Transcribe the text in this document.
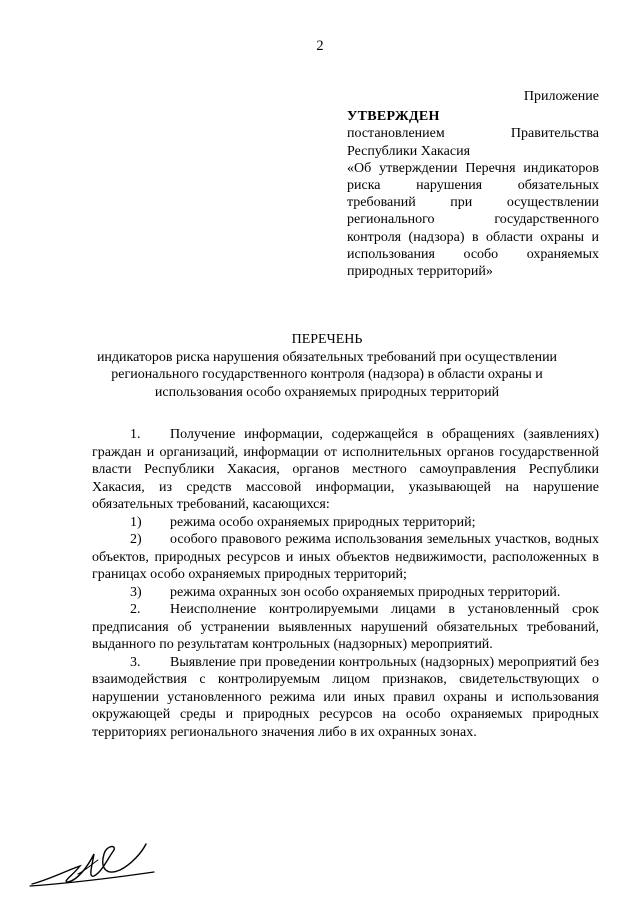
2
Приложение
УТВЕРЖДЕН
постановлением Правительства
Республики Хакасия
«Об утверждении Перечня индикаторов риска нарушения обязательных требований при осуществлении регионального государственного контроля (надзора) в области охраны и использования особо охраняемых природных территорий»
ПЕРЕЧЕНЬ
индикаторов риска нарушения обязательных требований при осуществлении регионального государственного контроля (надзора) в области охраны и использования особо охраняемых природных территорий

1. Получение информации, содержащейся в обращениях (заявлениях) граждан и организаций, информации от исполнительных органов государственной власти Республики Хакасия, органов местного самоуправления Республики Хакасия, из средств массовой информации, указывающей на нарушение обязательных требований, касающихся:

1) режима особо охраняемых природных территорий;

2) особого правового режима использования земельных участков, водных объектов, природных ресурсов и иных объектов недвижимости, расположенных в границах особо охраняемых природных территорий;

3) режима охранных зон особо охраняемых природных территорий.

2. Неисполнение контролируемыми лицами в установленный срок предписания об устранении выявленных нарушений обязательных требований, выданного по результатам контрольных (надзорных) мероприятий.

3. Выявление при проведении контрольных (надзорных) мероприятий без взаимодействия с контролируемым лицом признаков, свидетельствующих о нарушении установленного режима или иных правил охраны и использования окружающей среды и природных ресурсов на особо охраняемых природных территориях регионального значения либо в их охранных зонах.
